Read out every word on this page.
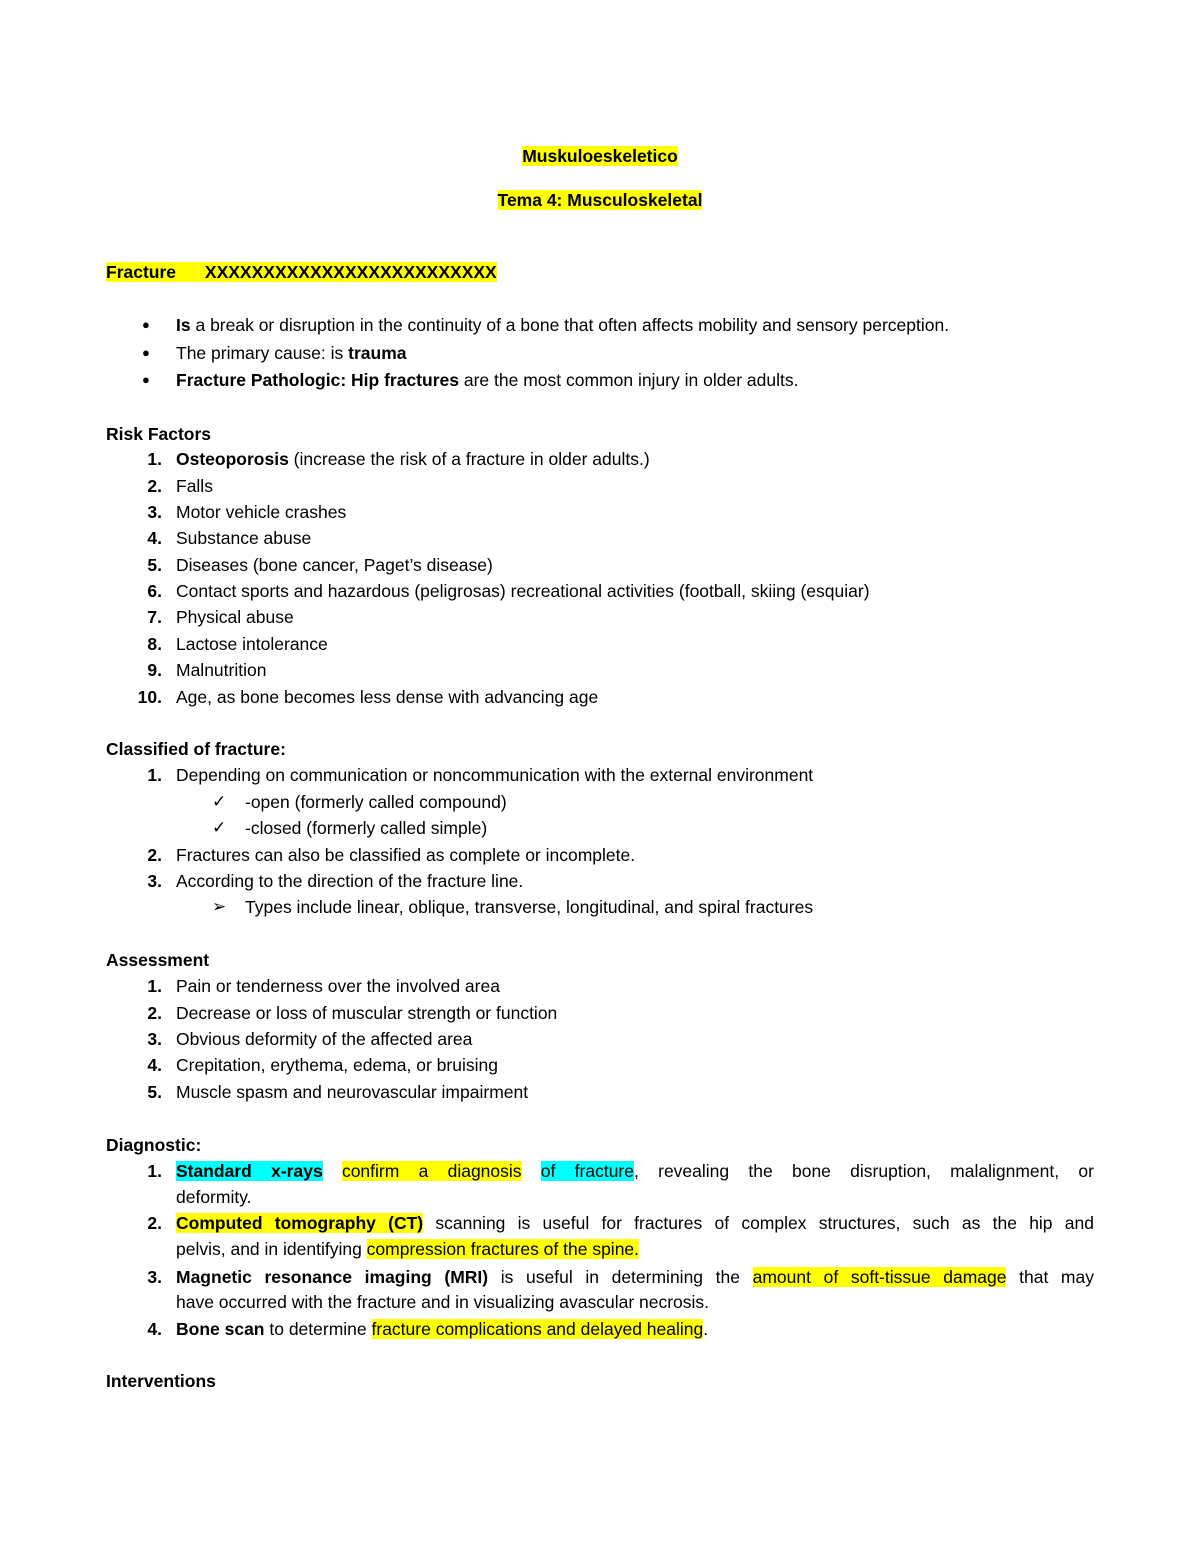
Muskuloeskeletico
Tema 4: Musculoskeletal
Fracture XXXXXXXXXXXXXXXXXXXXXXXXX
● Is a break or disruption in the continuity of a bone that often affects mobility and sensory perception.
● The primary cause: is trauma
● Fracture Pathologic: Hip fractures are the most common injury in older adults.
Risk Factors
1. Osteoporosis (increase the risk of a fracture in older adults.)
2. Falls
3. Motor vehicle crashes
4. Substance abuse
5. Diseases (bone cancer, Paget’s disease)
6. Contact sports and hazardous (peligrosas) recreational activities (football, skiing (esquiar)
7. Physical abuse
8. Lactose intolerance
9. Malnutrition
10. Age, as bone becomes less dense with advancing age
Classified of fracture:
1. Depending on communication or noncommunication with the external environment
✓ -open (formerly called compound)
✓ -closed (formerly called simple)
2. Fractures can also be classified as complete or incomplete.
3. According to the direction of the fracture line.
➢ Types include linear, oblique, transverse, longitudinal, and spiral fractures
Assessment
1. Pain or tenderness over the involved area
2. Decrease or loss of muscular strength or function
3. Obvious deformity of the affected area
4. Crepitation, erythema, edema, or bruising
5. Muscle spasm and neurovascular impairment
Diagnostic:
1. Standard x-rays confirm a diagnosis of fracture, revealing the bone disruption, malalignment, or
deformity.
2. Computed tomography (CT) scanning is useful for fractures of complex structures, such as the hip and
pelvis, and in identifying compression fractures of the spine.
3. Magnetic resonance imaging (MRI) is useful in determining the amount of soft-tissue damage that may
have occurred with the fracture and in visualizing avascular necrosis.
4. Bone scan to determine fracture complications and delayed healing.
Interventions
